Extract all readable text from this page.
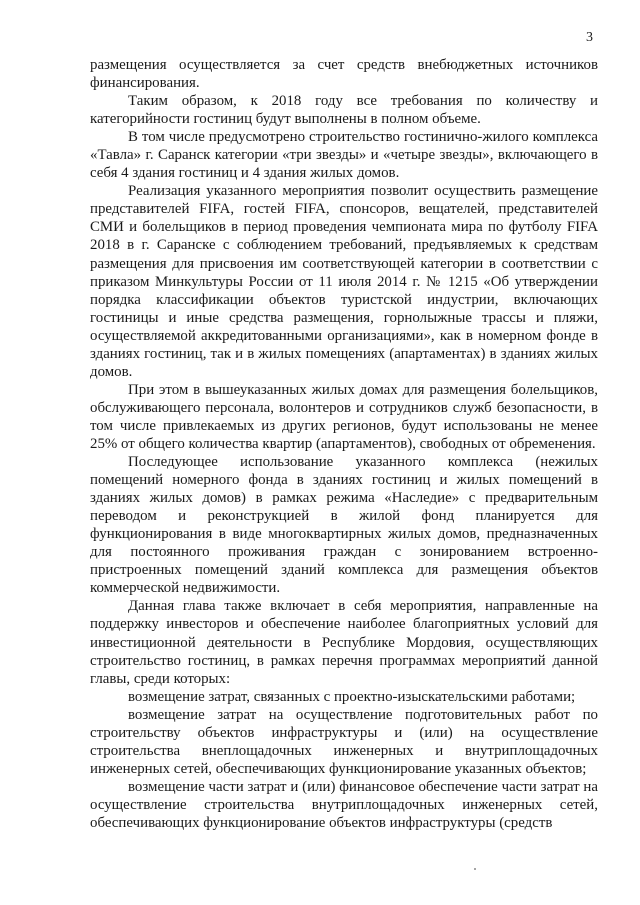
3

размещения осуществляется за счет средств внебюджетных источников финансирования.

Таким образом, к 2018 году все требования по количеству и категорийности гостиниц будут выполнены в полном объеме.

В том числе предусмотрено строительство гостинично-жилого комплекса «Тавла» г. Саранск категории «три звезды» и «четыре звезды», включающего в себя 4 здания гостиниц и 4 здания жилых домов.

Реализация указанного мероприятия позволит осуществить размещение представителей FIFA, гостей FIFA, спонсоров, вещателей, представителей СМИ и болельщиков в период проведения чемпионата мира по футболу FIFA 2018 в г. Саранске с соблюдением требований, предъявляемых к средствам размещения для присвоения им соответствующей категории в соответствии с приказом Минкультуры России от 11 июля 2014 г. № 1215 «Об утверждении порядка классификации объектов туристской индустрии, включающих гостиницы и иные средства размещения, горнолыжные трассы и пляжи, осуществляемой аккредитованными организациями», как в номерном фонде в зданиях гостиниц, так и в жилых помещениях (апартаментах) в зданиях жилых домов.

При этом в вышеуказанных жилых домах для размещения болельщиков, обслуживающего персонала, волонтеров и сотрудников служб безопасности, в том числе привлекаемых из других регионов, будут использованы не менее 25% от общего количества квартир (апартаментов), свободных от обременения.

Последующее использование указанного комплекса (нежилых помещений номерного фонда в зданиях гостиниц и жилых помещений в зданиях жилых домов) в рамках режима «Наследие» с предварительным переводом и реконструкцией в жилой фонд планируется для функционирования в виде многоквартирных жилых домов, предназначенных для постоянного проживания граждан с зонированием встроенно-пристроенных помещений зданий комплекса для размещения объектов коммерческой недвижимости.

Данная глава также включает в себя мероприятия, направленные на поддержку инвесторов и обеспечение наиболее благоприятных условий для инвестиционной деятельности в Республике Мордовия, осуществляющих строительство гостиниц, в рамках перечня программах мероприятий данной главы, среди которых:

возмещение затрат, связанных с проектно-изыскательскими работами;

возмещение затрат на осуществление подготовительных работ по строительству объектов инфраструктуры и (или) на осуществление строительства внеплощадочных инженерных и внутриплощадочных инженерных сетей, обеспечивающих функционирование указанных объектов;

возмещение части затрат и (или) финансовое обеспечение части затрат на осуществление строительства внутриплощадочных инженерных сетей, обеспечивающих функционирование объектов инфраструктуры (средств
